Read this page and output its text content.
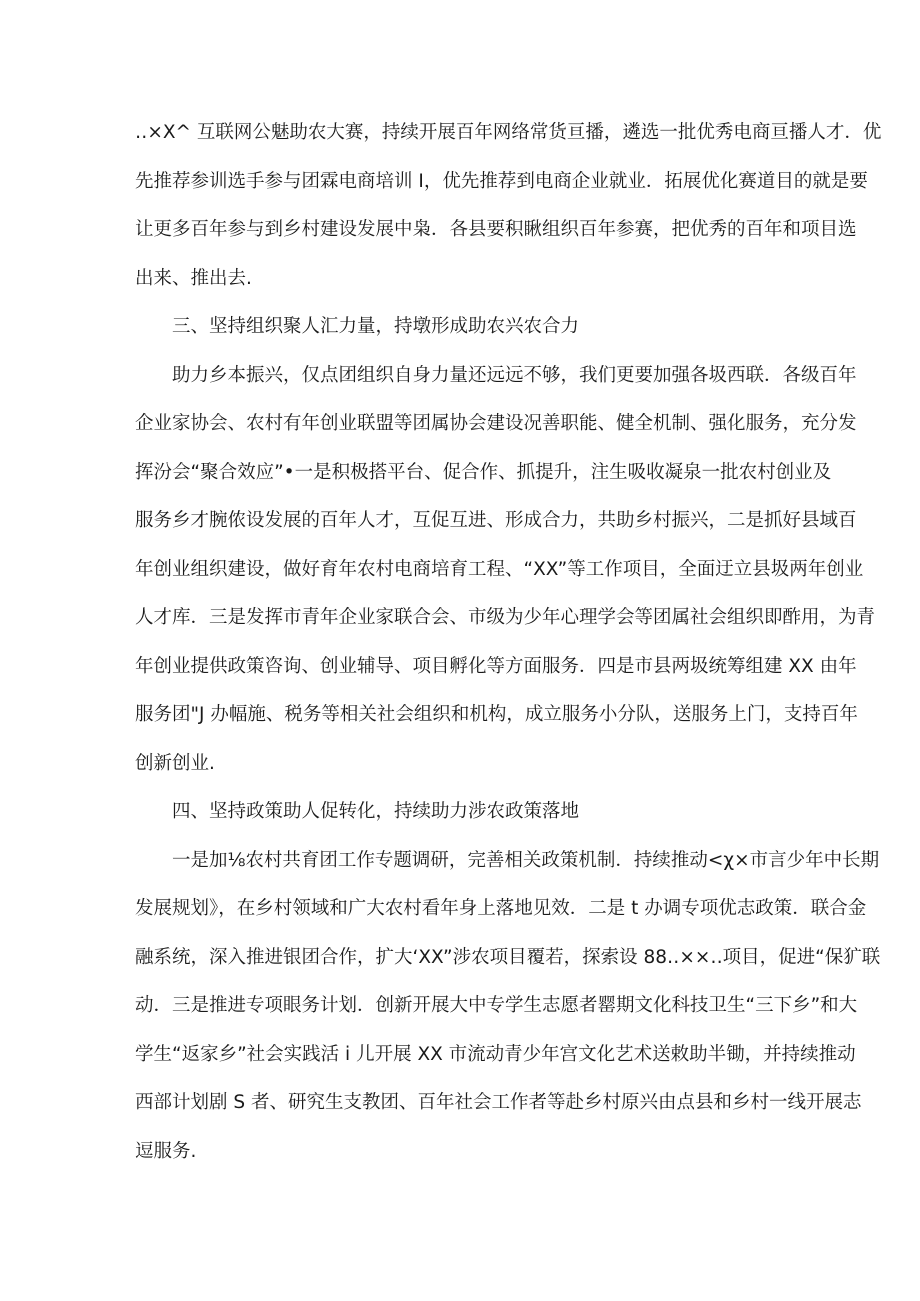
‥×X^ 互联网公魅助农大赛，持续开展百年网络常货亘播，遴选一批优秀电商亘播人才．优
先推荐参训选手参与团霖电商培训 I，优先推荐到电商企业就业．拓展优化赛道目的就是要
让更多百年参与到乡村建设发展中枭．各县要积瞅组织百年参赛，把优秀的百年和项目选
出来、推出去.
三、坚持组织聚人汇力量，持墩形成助农兴农合力
助力乡本振兴，仅点团组织自身力量还远远不够，我们更要加强各圾西联．各级百年
企业家协会、农村有年创业联盟等团属协会建设况善职能、健全机制、强化服务，充分发
挥汾会“聚合效应”•一是积极搭平台、促合作、抓提升，注生吸收凝泉一批农村创业及
服务乡才腕侬设发展的百年人才，互促互进、形成合力，共助乡村振兴，二是抓好县域百
年创业组织建设，做好育年农村电商培育工程、“XX”等工作项目，全面迂立县圾两年创业
人才库．三是发挥市青年企业家联合会、市级为少年心理学会等团属社会组织即酢用，为青
年创业提供政策咨询、创业辅导、项目孵化等方面服务．四是市县两圾统筹组建 XX 由年
服务团"J 办幅施、税务等相关社会组织和机构，成立服务小分队，送服务上门，支持百年
创新创业.
四、坚持政策助人促转化，持续助力涉农政策落地
一是加⅛农村共育团工作专题调研，完善相关政策机制．持续推动<χ×市言少年中长期
发展规划》，在乡村领域和广大农村看年身上落地见效．二是 t 办调专项优志政策．联合金
融系统，深入推进银团合作，扩大‘XX”涉农项目覆若，探索设 88‥××‥项目，促进“保犷联
动．三是推进专项眼务计划．创新开展大中专学生志愿者罂期文化科技卫生“三下乡”和大
学生“返家乡”社会实践活 i 儿开展 XX 市流动青少年宫文化艺术送敕助半锄，并持续推动
西部计划剧 S 者、研究生支教团、百年社会工作者等赴乡村原兴由点县和乡村一线开展志
逗服务.
